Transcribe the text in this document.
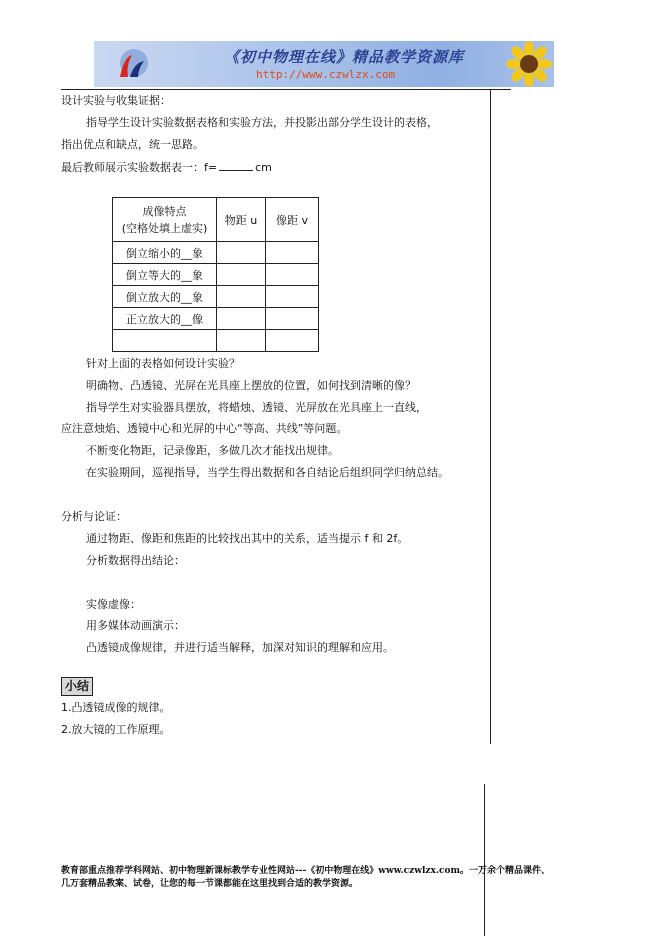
《初中物理在线》精品教学资源库
http://www.czwlzx.com
设计实验与收集证据：
指导学生设计实验数据表格和实验方法，并投影出部分学生设计的表格，
指出优点和缺点，统一思路。
最后教师展示实验数据表一：f=	cm
成像特点
(空格处填上虚实)	物距 u	像距 v
倒立缩小的__象		
倒立等大的__象		
倒立放大的__象		
正立放大的__像		

针对上面的表格如何设计实验？
明确物、凸透镜、光屏在光具座上摆放的位置，如何找到清晰的像？
指导学生对实验器具摆放，将蜡烛、透镜、光屏放在光具座上一直线，
应注意烛焰、透镜中心和光屏的中心“等高、共线”等问题。
不断变化物距，记录像距，多做几次才能找出规律。
在实验期间，巡视指导，当学生得出数据和各自结论后组织同学归纳总结。
分析与论证：
通过物距、像距和焦距的比较找出其中的关系，适当提示 f 和 2f。
分析数据得出结论：
实像虚像：
用多媒体动画演示：
凸透镜成像规律，并进行适当解释，加深对知识的理解和应用。
小结
1.凸透镜成像的规律。
2.放大镜的工作原理。
教育部重点推荐学科网站、初中物理新课标教学专业性网站---《初中物理在线》www.czwlzx.com。一万余个精品课件、
几万套精品教案、试卷，让您的每一节课都能在这里找到合适的教学资源。
